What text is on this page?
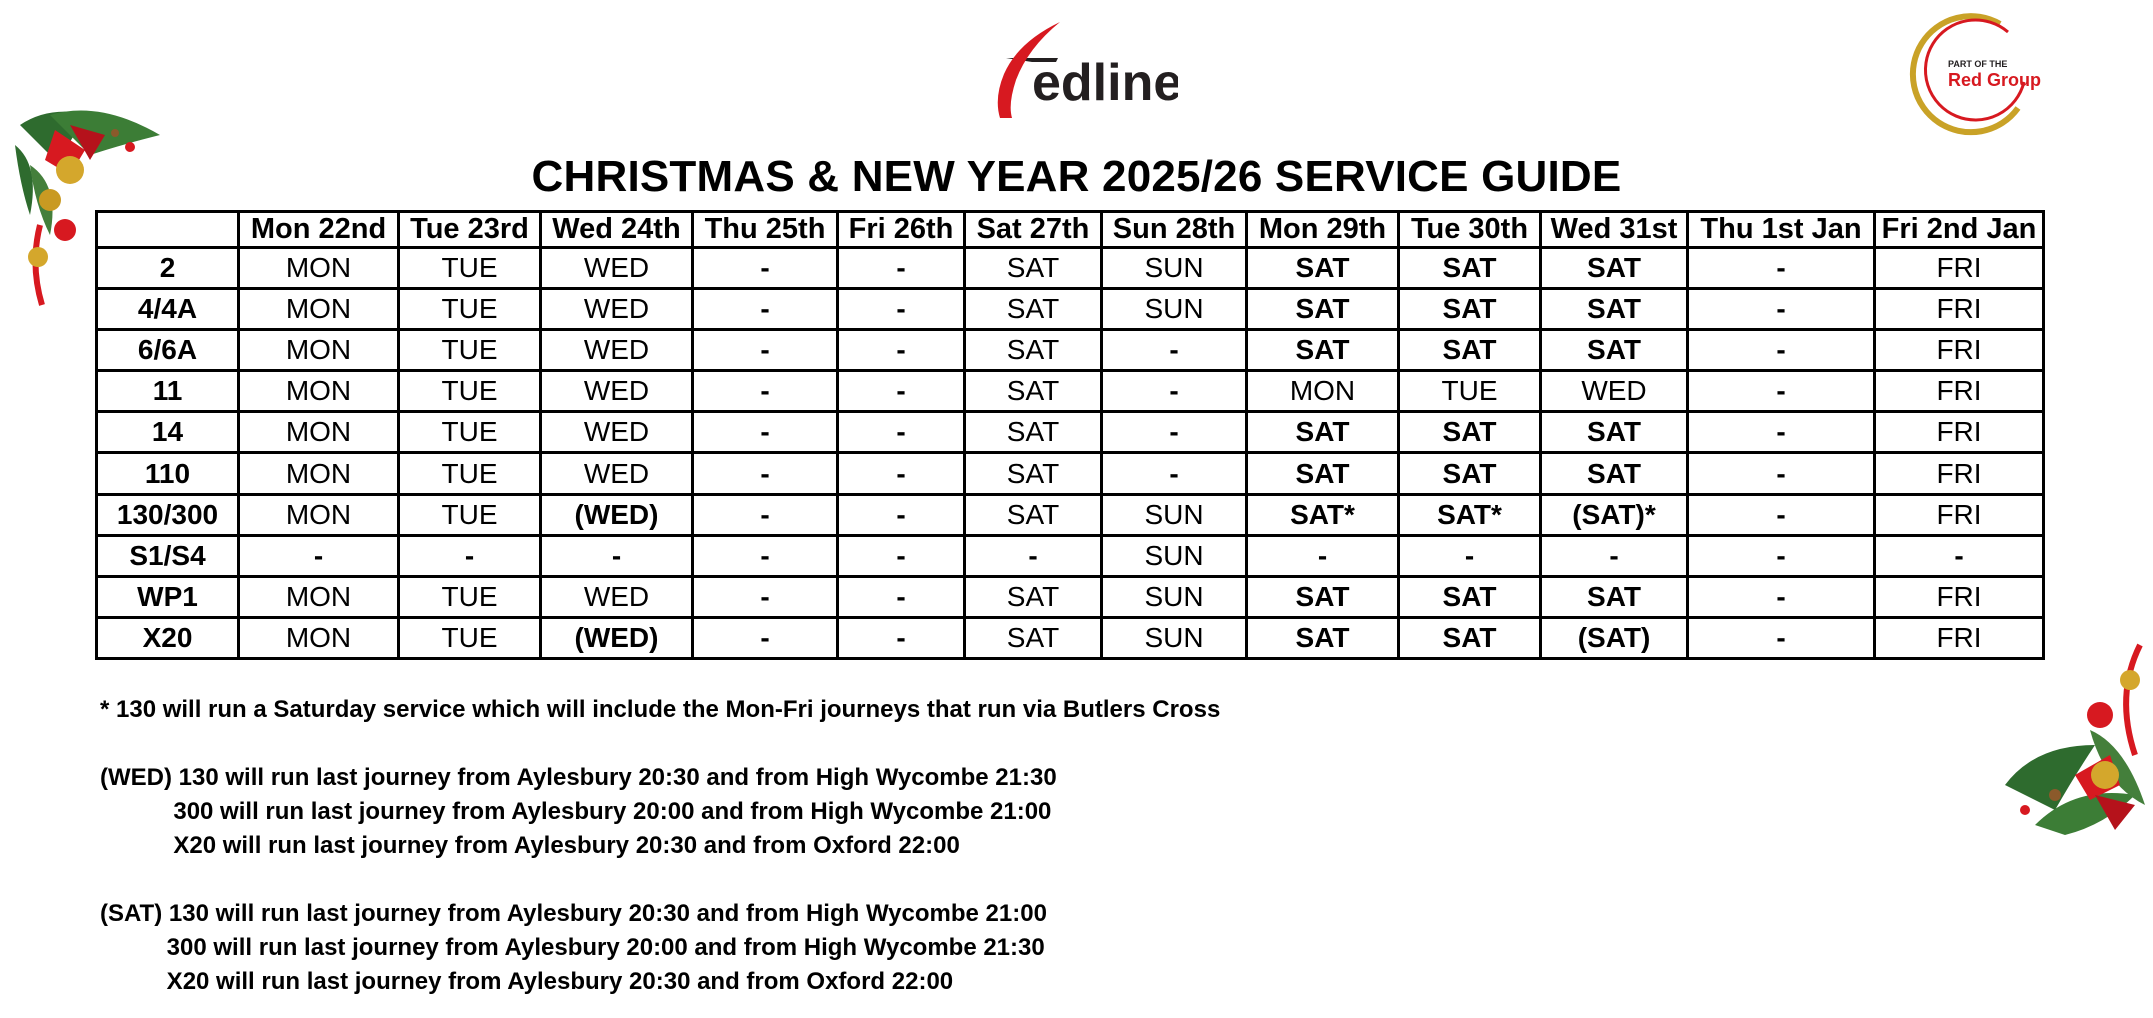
edline	PART OF THE
Red Group
CHRISTMAS & NEW YEAR 2025/26 SERVICE GUIDE
	Mon 22nd	Tue 23rd	Wed 24th	Thu 25th	Fri 26th	Sat 27th	Sun 28th	Mon 29th	Tue 30th	Wed 31st	Thu 1st Jan	Fri 2nd Jan
2	MON	TUE	WED	-	-	SAT	SUN	SAT	SAT	SAT	-	FRI
4/4A	MON	TUE	WED	-	-	SAT	SUN	SAT	SAT	SAT	-	FRI
6/6A	MON	TUE	WED	-	-	SAT	-	SAT	SAT	SAT	-	FRI
11	MON	TUE	WED	-	-	SAT	-	MON	TUE	WED	-	FRI
14	MON	TUE	WED	-	-	SAT	-	SAT	SAT	SAT	-	FRI
110	MON	TUE	WED	-	-	SAT	-	SAT	SAT	SAT	-	FRI
130/300	MON	TUE	(WED)	-	-	SAT	SUN	SAT*	SAT*	(SAT)*	-	FRI
S1/S4	-	-	-	-	-	-	SUN	-	-	-	-	-
WP1	MON	TUE	WED	-	-	SAT	SUN	SAT	SAT	SAT	-	FRI
X20	MON	TUE	(WED)	-	-	SAT	SUN	SAT	SAT	(SAT)	-	FRI

* 130 will run a Saturday service which will include the Mon-Fri journeys that run via Butlers Cross

(WED) 130 will run last journey from Aylesbury 20:30 and from High Wycombe 21:30

300 will run last journey from Aylesbury 20:00 and from High Wycombe 21:00

X20 will run last journey from Aylesbury 20:30 and from Oxford 22:00

(SAT) 130 will run last journey from Aylesbury 20:30 and from High Wycombe 21:00

300 will run last journey from Aylesbury 20:00 and from High Wycombe 21:30

X20 will run last journey from Aylesbury 20:30 and from Oxford 22:00
